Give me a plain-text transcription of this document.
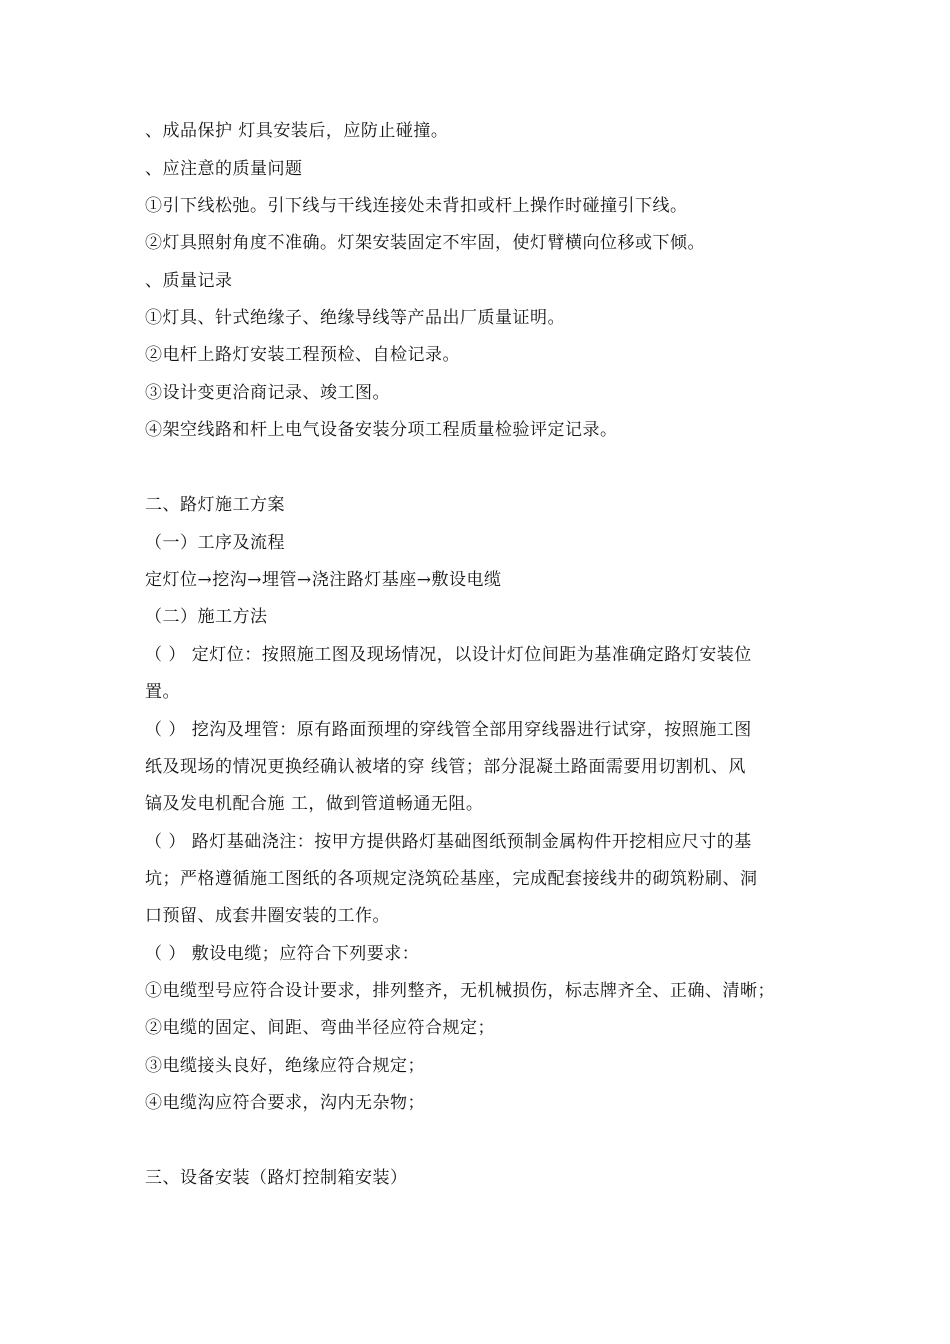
、成品保护 灯具安装后，应防止碰撞。
、应注意的质量问题
①引下线松弛。引下线与干线连接处未背扣或杆上操作时碰撞引下线。
②灯具照射角度不准确。灯架安装固定不牢固，使灯臂横向位移或下倾。
、质量记录
①灯具、针式绝缘子、绝缘导线等产品出厂质量证明。
②电杆上路灯安装工程预检、自检记录。
③设计变更洽商记录、竣工图。
④架空线路和杆上电气设备安装分项工程质量检验评定记录。
二、路灯施工方案
（一）工序及流程
定灯位→挖沟→埋管→浇注路灯基座→敷设电缆
（二）施工方法
（ ） 定灯位：按照施工图及现场情况，以设计灯位间距为基准确定路灯安装位
置。
（ ） 挖沟及埋管：原有路面预埋的穿线管全部用穿线器进行试穿，按照施工图
纸及现场的情况更换经确认被堵的穿 线管；部分混凝土路面需要用切割机、风
镐及发电机配合施 工，做到管道畅通无阻。
（ ） 路灯基础浇注：按甲方提供路灯基础图纸预制金属构件开挖相应尺寸的基
坑；严格遵循施工图纸的各项规定浇筑砼基座，完成配套接线井的砌筑粉刷、洞
口预留、成套井圈安装的工作。
（ ） 敷设电缆；应符合下列要求：
①电缆型号应符合设计要求，排列整齐，无机械损伤，标志牌齐全、正确、清晰；
②电缆的固定、间距、弯曲半径应符合规定；
③电缆接头良好，绝缘应符合规定；
④电缆沟应符合要求，沟内无杂物；
三、设备安装（路灯控制箱安装）
